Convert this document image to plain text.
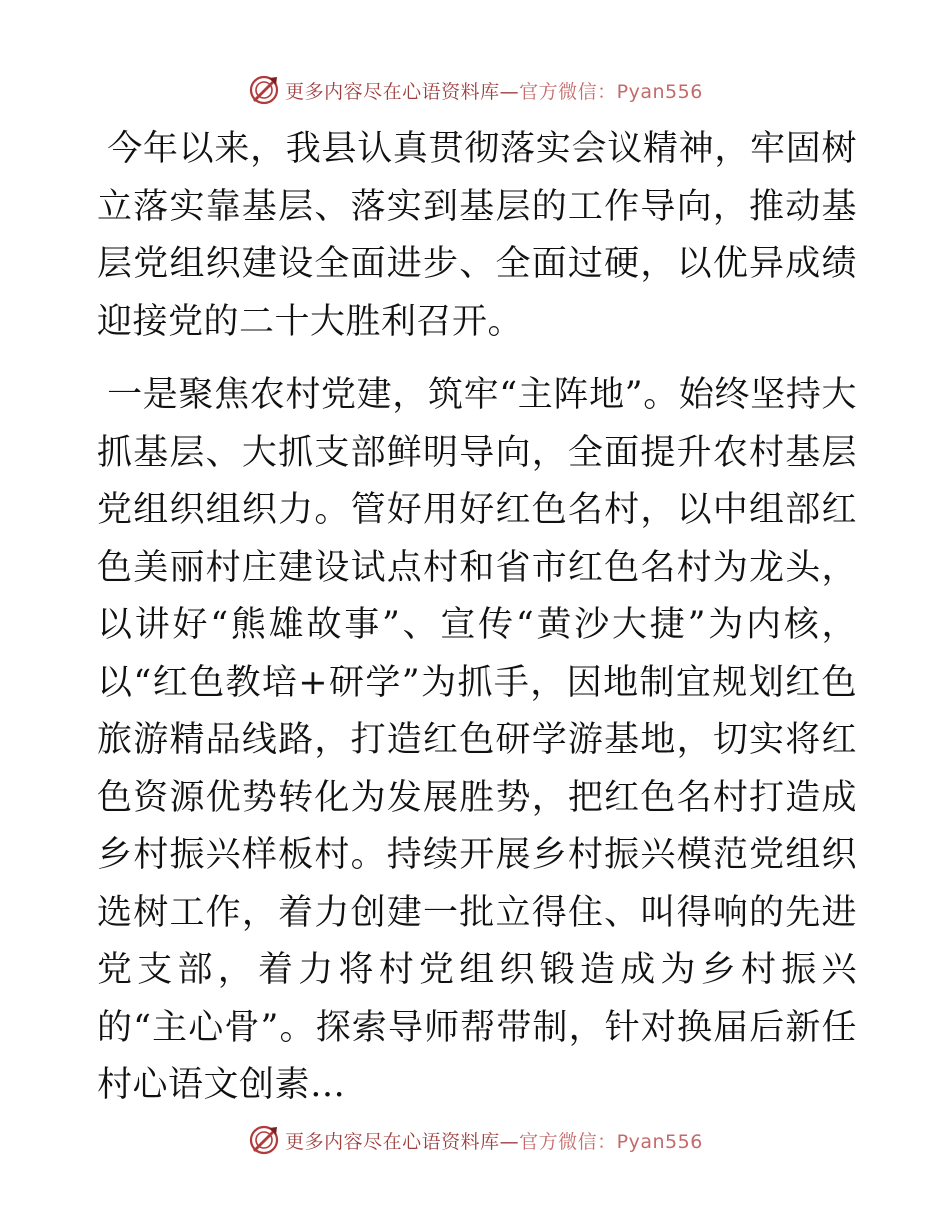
更多内容尽在心语资料库— 官方微信：Pyan556

今年以来，我县认真贯彻落实会议精神，牢固树立落实靠基层、落实到基层的工作导向，推动基层党组织建设全面进步、全面过硬，以优异成绩迎接党的二十大胜利召开。

一是聚焦农村党建，筑牢“主阵地”。始终坚持大抓基层、大抓支部鲜明导向，全面提升农村基层党组织组织力。管好用好红色名村，以中组部红色美丽村庄建设试点村和省市红色名村为龙头，以讲好“熊雄故事”、宣传“黄沙大捷”为内核，以“红色教培+研学”为抓手，因地制宜规划红色旅游精品线路，打造红色研学游基地，切实将红色资源优势转化为发展胜势，把红色名村打造成乡村振兴样板村。持续开展乡村振兴模范党组织选树工作，着力创建一批立得住、叫得响的先进党支部，着力将村党组织锻造成为乡村振兴的“主心骨”。探索导师帮带制，针对换届后新任村心语文创素…

更多内容尽在心语资料库— 官方微信：Pyan556
